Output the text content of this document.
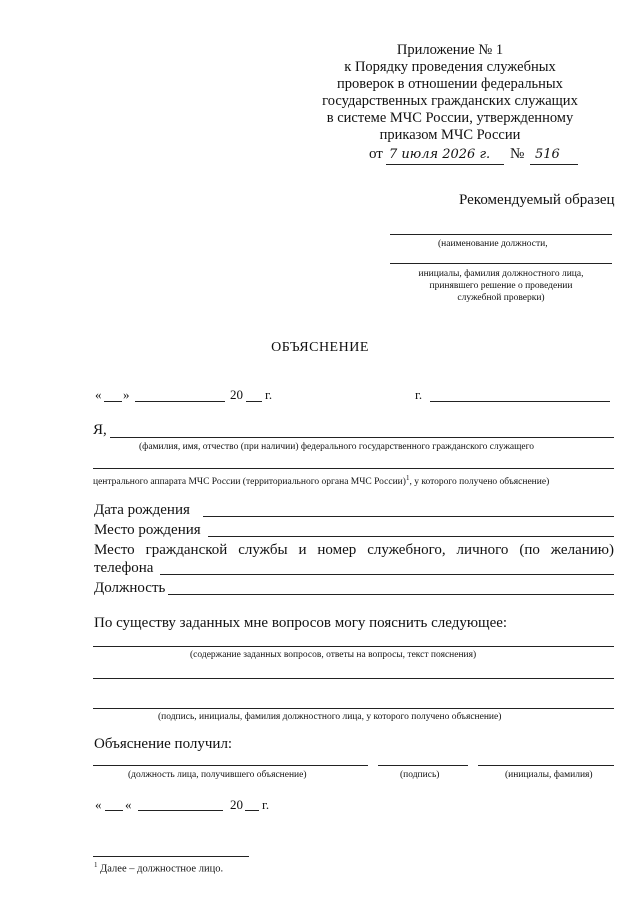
Приложение № 1
к Порядку проведения служебных
проверок в отношении федеральных
государственных гражданских служащих
в системе МЧС России, утвержденному
приказом МЧС России
от 7 июля 2026 г. № 516
Рекомендуемый образец
(наименование должности,
инициалы, фамилия должностного лица,
принявшего решение о проведении
служебной проверки)
ОБЪЯСНЕНИЕ
« »	20 г.	г.
Я,
(фамилия, имя, отчество (при наличии) федерального государственного гражданского служащего
центрального аппарата МЧС России (территориального органа МЧС России)$^1$, у которого получено объяснение)
Дата рождения
Место рождения
Место гражданской службы и номер служебного, личного (по желанию)
телефона
Должность
По существу заданных мне вопросов могу пояснить следующее:
(содержание заданных вопросов, ответы на вопросы, текст пояснения)
(подпись, инициалы, фамилия должностного лица, у которого получено объяснение)
Объяснение получил:
(должность лица, получившего объяснение)	(подпись)	(инициалы, фамилия)
« «	20 г.
$^1$ Далее – должностное лицо.
